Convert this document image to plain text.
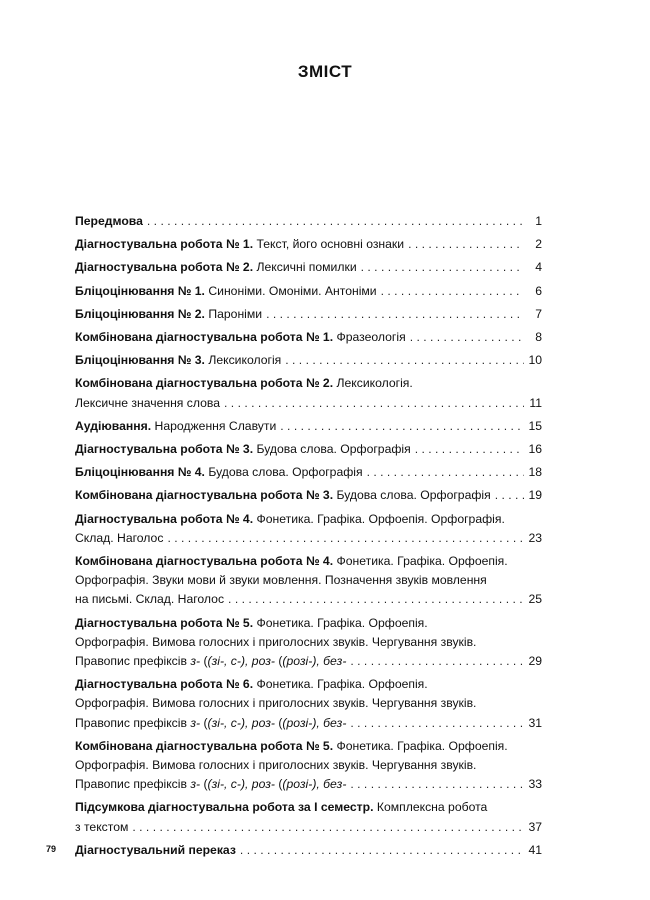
ЗМІСТ
Передмова . . .	1
Діагностувальна робота № 1. Текст, його основні ознаки . . .	2
Діагностувальна робота № 2. Лексичні помилки . . .	4
Бліцоцінювання № 1. Синоніми. Омоніми. Антоніми . . .	6
Бліцоцінювання № 2. Пароніми . . .	7
Комбінована діагностувальна робота № 1. Фразеологія . . .	8
Бліцоцінювання № 3. Лексикологія . . .	10
Комбінована діагностувальна робота № 2. Лексикологія.
Лексичне значення слова . . .	11
Аудіювання. Народження Славути . . .	15
Діагностувальна робота № 3. Будова слова. Орфографія . . .	16
Бліцоцінювання № 4. Будова слова. Орфографія . . .	18
Комбінована діагностувальна робота № 3. Будова слова. Орфографія . . .	19
Діагностувальна робота № 4. Фонетика. Графіка. Орфоепія. Орфографія.
Склад. Наголос . . .	23
Комбінована діагностувальна робота № 4. Фонетика. Графіка. Орфоепія.
Орфографія. Звуки мови й звуки мовлення. Позначення звуків мовлення
на письмі. Склад. Наголос . . .	25
Діагностувальна робота № 5. Фонетика. Графіка. Орфоепія.
Орфографія. Вимова голосних і приголосних звуків. Чергування звуків.
Правопис префіксів з- ((зі-, с-), роз- ((розі-), без- . . .	29
Діагностувальна робота № 6. Фонетика. Графіка. Орфоепія.
Орфографія. Вимова голосних і приголосних звуків. Чергування звуків.
Правопис префіксів з- ((зі-, с-), роз- ((розі-), без- . . .	31
Комбінована діагностувальна робота № 5. Фонетика. Графіка. Орфоепія.
Орфографія. Вимова голосних і приголосних звуків. Чергування звуків.
Правопис префіксів з- ((зі-, с-), роз- ((розі-), без- . . .	33
Підсумкова діагностувальна робота за І семестр. Комплексна робота
з текстом . . .	37
Діагностувальний переказ . . .	41
79
